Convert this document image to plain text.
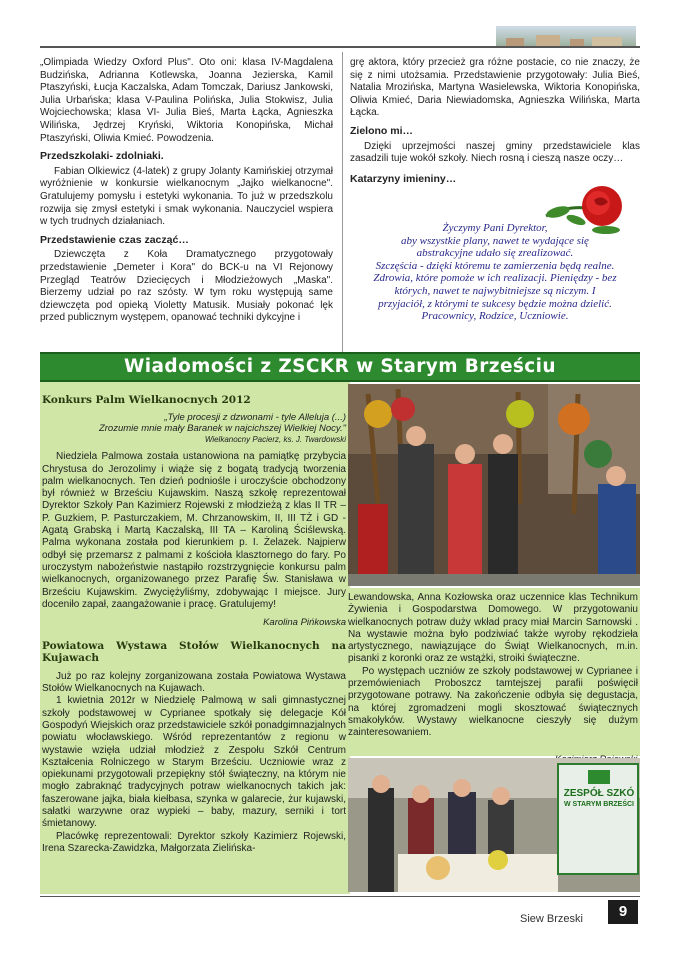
„Olimpiada Wiedzy Oxford Plus". Oto oni: klasa IV-Magdalena Budzińska, Adrianna Kotlewska, Joanna Jezierska, Kamil Ptaszyński, Łucja Kaczalska, Adam Tomczak, Dariusz Jankowski, Julia Urbańska; klasa V-Paulina Polińska, Julia Stokwisz, Julia Wojciechowska; klasa VI- Julia Bieś, Marta Łącka, Agnieszka Wilińska, Jędrzej Kryński, Wiktoria Konopińska, Michał Ptaszyński, Oliwia Kmieć. Powodzenia.

Przedszkolaki- zdolniaki.

Fabian Olkiewicz (4-latek) z grupy Jolanty Kamińskiej otrzymał wyróżnienie w konkursie wielkanocnym „Jajko wielkanocne". Gratulujemy pomysłu i estetyki wykonania. To już w przedszkolu rozwija się zmysł estetyki i smak wykonania. Nauczyciel wspiera w tych trudnych działaniach.

Przedstawienie czas zacząć…

Dziewczęta z Koła Dramatycznego przygotowały przedstawienie „Demeter i Kora" do BCK-u na VI Rejonowy Przegląd Teatrów Dziecięcych i Młodzieżowych „Maska". Bierzemy udział po raz szósty. W tym roku występują same dziewczęta pod opieką Violetty Matusik. Musiały pokonać lęk przed publicznym występem, opanować techniki dykcyjne i

grę aktora, który przecież gra różne postacie, co nie znaczy, że się z nimi utożsamia. Przedstawienie przygotowały: Julia Bieś, Natalia Mrozińska, Martyna Wasielewska, Wiktoria Konopińska, Oliwia Kmieć, Daria Niewiadomska, Agnieszka Wilińska, Marta Łącka.

Zielono mi…

Dzięki uprzejmości naszej gminy przedstawiciele klas zasadzili tuje wokół szkoły. Niech rosną i cieszą nasze oczy…

Katarzyny imieniny…
Życzymy Pani Dyrektor,
aby wszystkie plany, nawet te wydające się
abstrakcyjne udało się zrealizować.
Szczęścia - dzięki któremu te zamierzenia będą realne.
Zdrowia, które pomoże w ich realizacji. Pieniędzy - bez
których, nawet te najwybitniejsze są niczym. I
przyjaciół, z którymi te sukcesy będzie można dzielić.
Pracownicy, Rodzice, Uczniowie.
Wiadomości z ZSCKR w Starym Brześciu
Konkurs Palm Wielkanocnych 2012
„Tyle procesji z dzwonami - tyle Alleluja (...)
Zrozumie mnie mały Baranek w najcichszej Wielkiej Nocy."
Wielkanocny Pacierz, ks. J. Twardowski

Niedziela Palmowa została ustanowiona na pamiątkę przybycia Chrystusa do Jerozolimy i wiąże się z bogatą tradycją tworzenia palm wielkanocnych. Ten dzień podniośle i uroczyście obchodzony był również w Brześciu Kujawskim. Naszą szkołę reprezentował Dyrektor Szkoły Pan Kazimierz Rojewski z młodzieżą z klas II TR – P. Guzkiem, P. Pasturczakiem, M. Chrzanowskim, II, III TŻ i GD - Agatą Grabską i Martą Kaczalską, III TA – Karoliną Ściślewską. Palma wykonana została pod kierunkiem p. I. Żelazek. Najpierw odbył się przemarsz z palmami z kościoła klasztornego do fary. Po uroczystym nabożeństwie nastąpiło rozstrzygnięcie konkursu palm wielkanocnych, organizowanego przez Parafię Św. Stanisława w Brześciu Kujawskim. Zwyciężyliśmy, zdobywając I miejsce. Jury doceniło zapał, zaangażowanie i pracę. Gratulujemy!

Karolina Pińkowska
Powiatowa Wystawa Stołów Wielkanocnych na Kujawach

Już po raz kolejny zorganizowana została Powiatowa Wystawa Stołów Wielkanocnych na Kujawach.

1 kwietnia 2012r w Niedzielę Palmową w sali gimnastycznej szkoły podstawowej w Cyprianee spotkały się delegacje Kół Gospodyń Wiejskich oraz przedstawiciele szkół ponadgimnazjalnych powiatu włocławskiego. Wśród reprezentantów z regionu w wystawie wzięła udział młodzież z Zespołu Szkół Centrum Kształcenia Rolniczego w Starym Brześciu. Uczniowie wraz z opiekunami przygotowali przepiękny stół świąteczny, na którym nie mogło zabraknąć tradycyjnych potraw wielkanocnych takich jak: faszerowane jajka, biała kiełbasa, szynka w galarecie, żur kujawski, sałatki warzywne oraz wypieki – baby, mazury, serniki i tort śmietanowy.

Placówkę reprezentowali: Dyrektor szkoły Kazimierz Rojewski, Irena Szarecka-Zawidzka, Małgorzata Zielińska-

Lewandowska, Anna Kozłowska oraz uczennice klas Technikum Żywienia i Gospodarstwa Domowego. W przygotowaniu wielkanocnych potraw duży wkład pracy miał Marcin Sarnowski . Na wystawie można było podziwiać także wyroby rękodzieła artystycznego, nawiązujące do Świąt Wielkanocnych, m.in. pisanki z koronki oraz ze wstążki, stroiki świąteczne.

Po występach uczniów ze szkoły podstawowej w Cyprianee i przemówieniach Proboszcz tamtejszej parafii poświęcił przygotowane potrawy. Na zakończenie odbyła się degustacja, na której zgromadzeni mogli skosztować świątecznych smakołyków. Wystawy wielkanocne cieszyły się dużym zainteresowaniem.

ZESPÓŁ SZKÓ
W STARYM BRZEŚCI
Siew Brzeski	9
